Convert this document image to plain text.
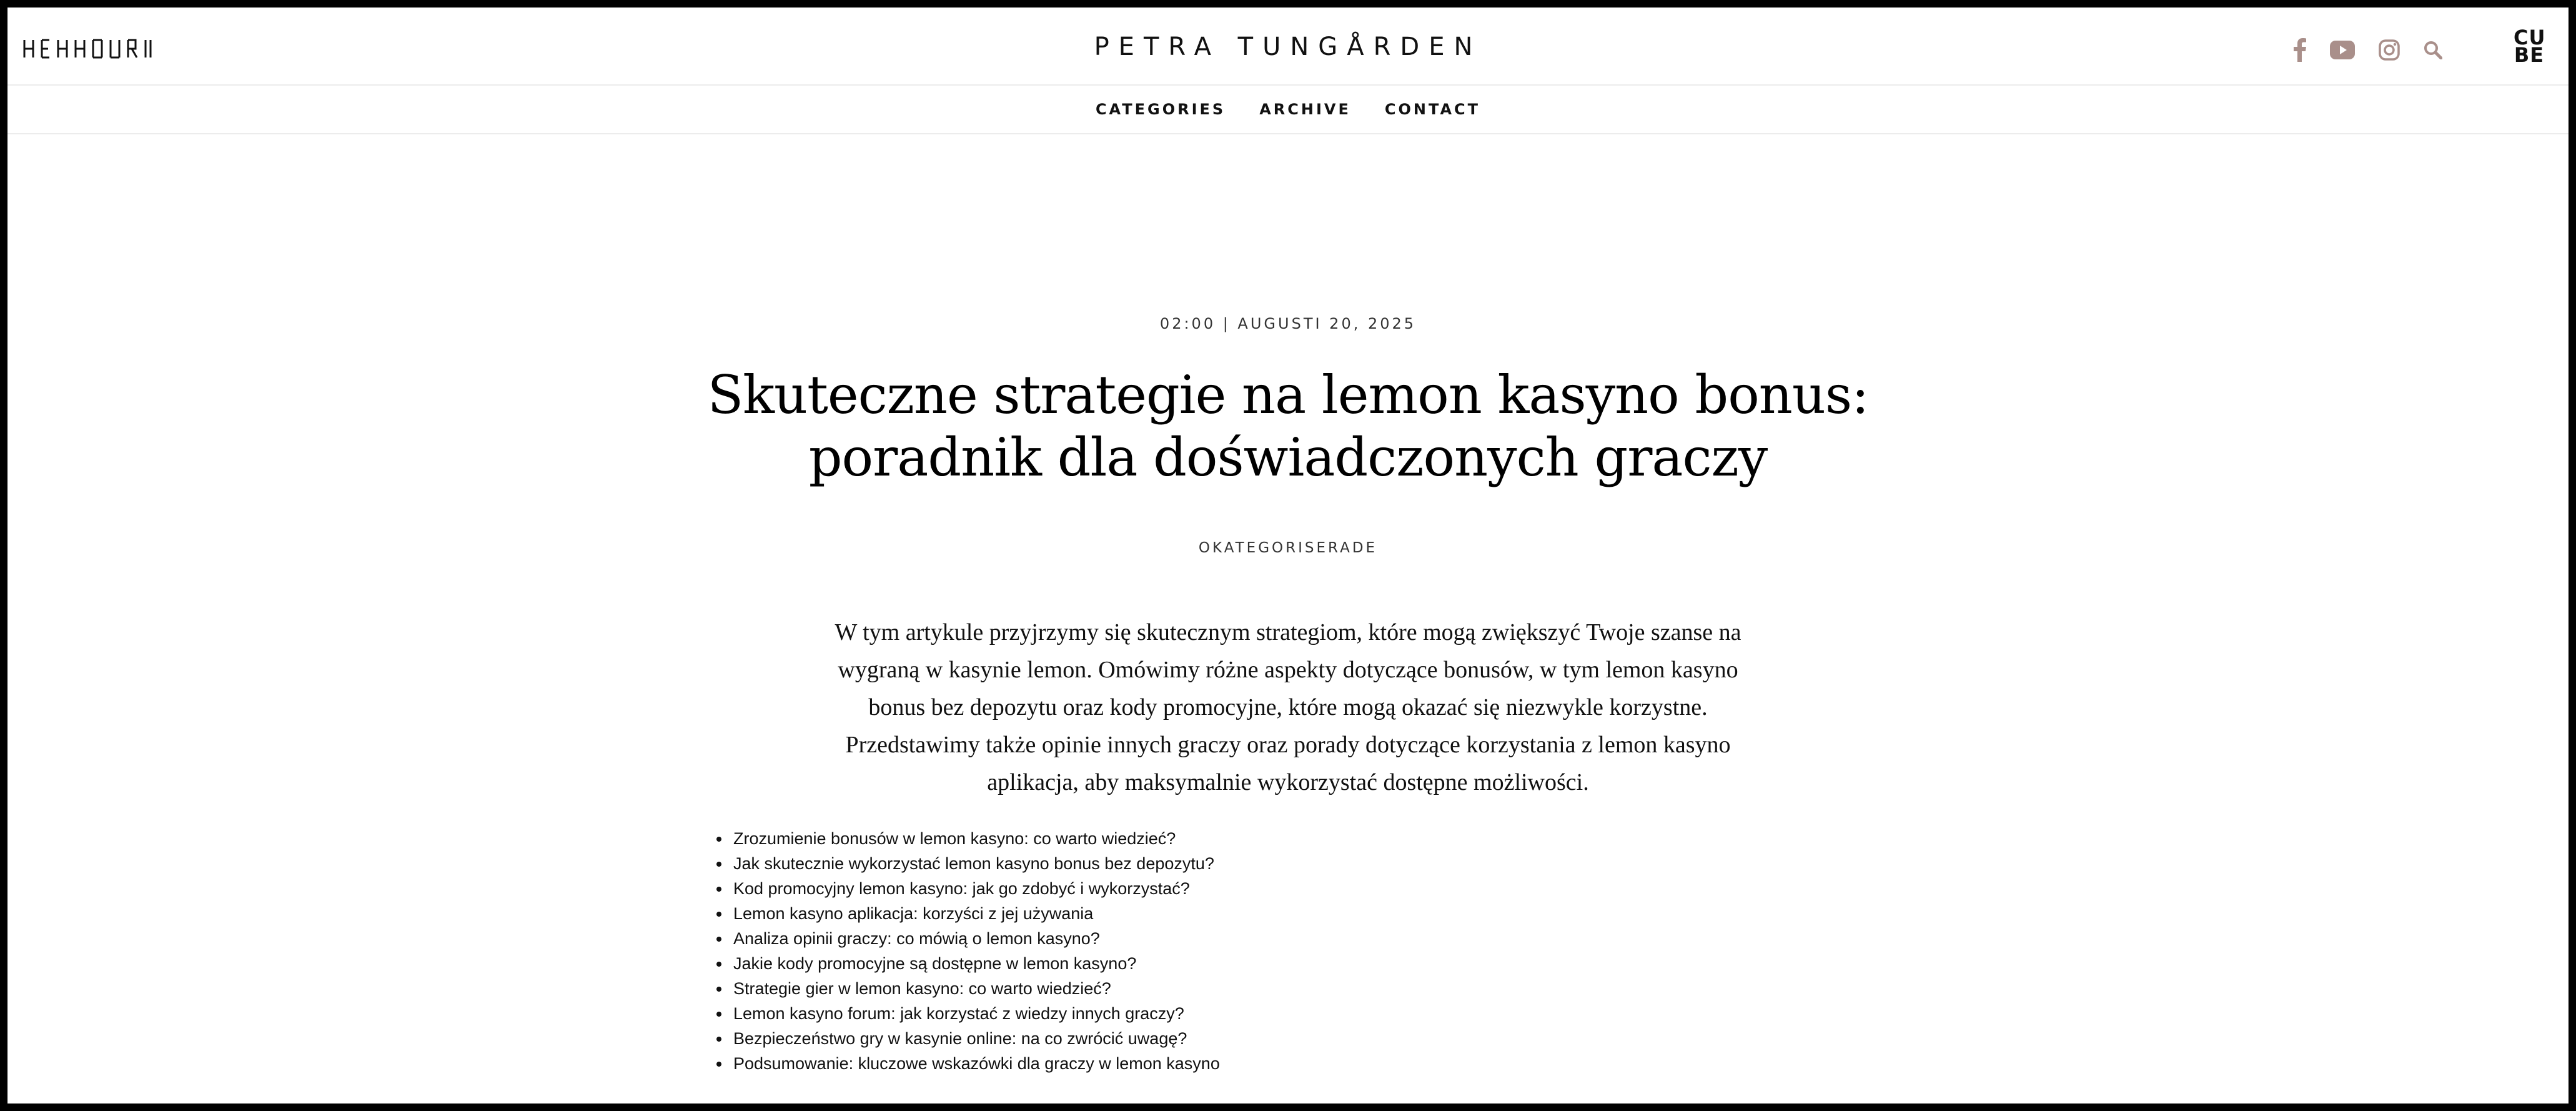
PETRA TUNGÅRDEN	CU
BE
CATEGORIES ARCHIVE CONTACT
02:00 | AUGUSTI 20, 2025
Skuteczne strategie na lemon kasyno bonus: poradnik dla doświadczonych graczy
OKATEGORISERADE

W tym artykule przyjrzymy się skutecznym strategiom, które mogą zwiększyć Twoje szanse na wygraną w kasynie lemon. Omówimy różne aspekty dotyczące bonusów, w tym lemon kasyno bonus bez depozytu oraz kody promocyjne, które mogą okazać się niezwykle korzystne. Przedstawimy także opinie innych graczy oraz porady dotyczące korzystania z lemon kasyno aplikacja, aby maksymalnie wykorzystać dostępne możliwości.

• Zrozumienie bonusów w lemon kasyno: co warto wiedzieć?
• Jak skutecznie wykorzystać lemon kasyno bonus bez depozytu?
• Kod promocyjny lemon kasyno: jak go zdobyć i wykorzystać?
• Lemon kasyno aplikacja: korzyści z jej używania
• Analiza opinii graczy: co mówią o lemon kasyno?
• Jakie kody promocyjne są dostępne w lemon kasyno?
• Strategie gier w lemon kasyno: co warto wiedzieć?
• Lemon kasyno forum: jak korzystać z wiedzy innych graczy?
• Bezpieczeństwo gry w kasynie online: na co zwrócić uwagę?
• Podsumowanie: kluczowe wskazówki dla graczy w lemon kasyno
